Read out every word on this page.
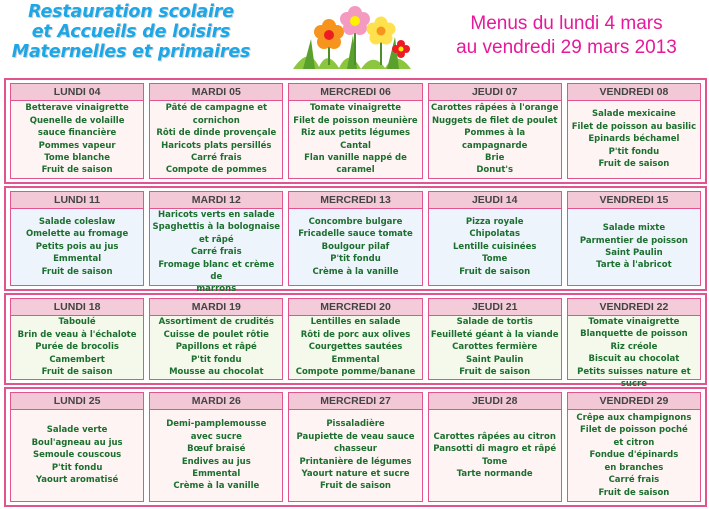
Restauration scolaire
et Accueils de loisirs
Maternelles et primaires
Menus du lundi 4 mars
au vendredi 29 mars 2013
LUNDI 04
Betterave vinaigrette
Quenelle de volaille
sauce financière
Pommes vapeur
Tome blanche
Fruit de saison
MARDI 05
Pâté de campagne et
cornichon
Rôti de dinde provençale
Haricots plats persillés
Carré frais
Compote de pommes
MERCREDI 06
Tomate vinaigrette
Filet de poisson meunière
Riz aux petits légumes
Cantal
Flan vanille nappé de
caramel
JEUDI 07
Carottes râpées à l'orange
Nuggets de filet de poulet
Pommes à la campagnarde
Brie
Donut's
VENDREDI 08
Salade mexicaine
Filet de poisson au basilic
Epinards béchamel
P'tit fondu
Fruit de saison
LUNDI 11
Salade coleslaw
Omelette au fromage
Petits pois au jus
Emmental
Fruit de saison
MARDI 12
Haricots verts en salade
Spaghettis à la bolognaise
et râpé
Carré frais
Fromage blanc et crème de
marrons
MERCREDI 13
Concombre bulgare
Fricadelle sauce tomate
Boulgour pilaf
P'tit fondu
Crème à la vanille
JEUDI 14
Pizza royale
Chipolatas
Lentille cuisinées
Tome
Fruit de saison
VENDREDI 15
Salade mixte
Parmentier de poisson
Saint Paulin
Tarte à l'abricot
LUNDI 18
Taboulé
Brin de veau à l'échalote
Purée de brocolis
Camembert
Fruit de saison
MARDI 19
Assortiment de crudités
Cuisse de poulet rôtie
Papillons et râpé
P'tit fondu
Mousse au chocolat
MERCREDI 20
Lentilles en salade
Rôti de porc aux olives
Courgettes sautées
Emmental
Compote pomme/banane
JEUDI 21
Salade de tortis
Feuilleté géant à la viande
Carottes fermière
Saint Paulin
Fruit de saison
VENDREDI 22
Tomate vinaigrette
Blanquette de poisson
Riz créole
Biscuit au chocolat
Petits suisses nature et sucre
LUNDI 25
Salade verte
Boul'agneau au jus
Semoule couscous
P'tit fondu
Yaourt aromatisé
MARDI 26
Demi-pamplemousse
avec sucre
Bœuf braisé
Endives au jus
Emmental
Crème à la vanille
MERCREDI 27
Pissaladière
Paupiette de veau sauce
chasseur
Printanière de légumes
Yaourt nature et sucre
Fruit de saison
JEUDI 28
Carottes râpées au citron
Pansotti di magro et râpé
Tome
Tarte normande
VENDREDI 29
Crêpe aux champignons
Filet de poisson poché
et citron
Fondue d'épinards
en branches
Carré frais
Fruit de saison
